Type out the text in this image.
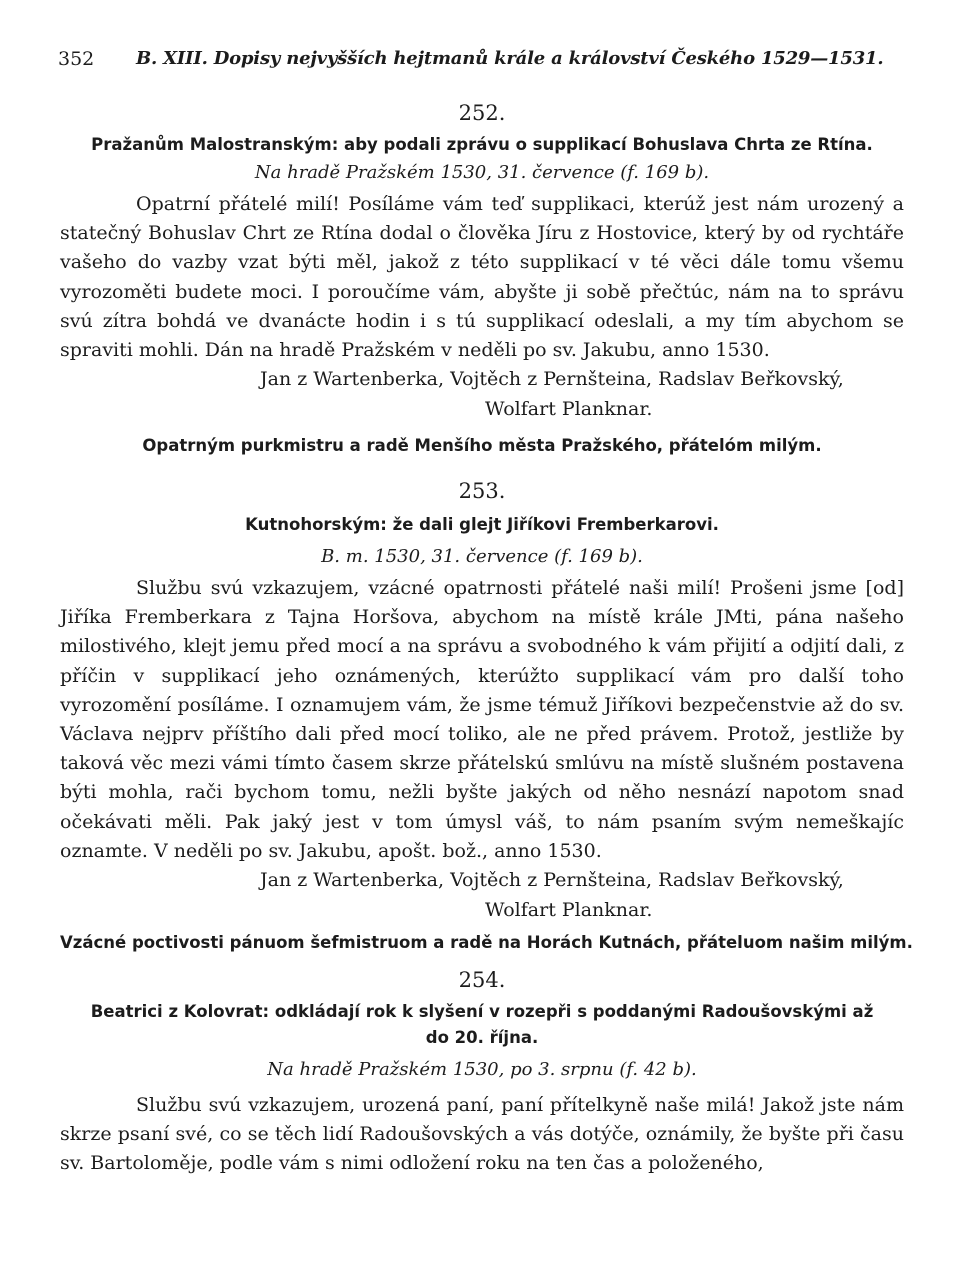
352 B. XIII. Dopisy nejvyšších hejtmanů krále a království Českého 1529—1531.

252.

Pražanům Malostranským: aby podali zprávu o supplikací Bohuslava Chrta ze Rtína.

Na hradě Pražském 1530, 31. července (f. 169 b).

Opatrní přátelé milí! Posíláme vám teď supplikaci, kterúž jest nám urozený a statečný Bohuslav Chrt ze Rtína dodal o člověka Jíru z Hostovice, který by od rychtáře vašeho do vazby vzat býti měl, jakož z této supplikací v té věci dále tomu všemu vyrozoměti budete moci. I poroučíme vám, abyšte ji sobě přečtúc, nám na to správu svú zítra bohdá ve dvanácte hodin i s tú supplikací odeslali, a my tím abychom se spraviti mohli. Dán na hradě Pražském v neděli po sv. Jakubu, anno 1530.

Jan z Wartenberka, Vojtěch z Pernšteina, Radslav Beřkovský,

Wolfart Planknar.

Opatrným purkmistru a radě Menšího města Pražského, přátelóm milým.

253.

Kutnohorským: že dali glejt Jiříkovi Fremberkarovi.

B. m. 1530, 31. července (f. 169 b).

Službu svú vzkazujem, vzácné opatrnosti přátelé naši milí! Prošeni jsme [od] Jiříka Fremberkara z Tajna Horšova, abychom na místě krále JMti, pána našeho milostivého, klejt jemu před mocí a na správu a svobodného k vám přijití a odjití dali, z příčin v supplikací jeho oznámených, kterúžto supplikací vám pro další toho vyrozomění posíláme. I oznamujem vám, že jsme témuž Jiříkovi bezpečenstvie až do sv. Václava nejprv příštího dali před mocí toliko, ale ne před právem. Protož, jestliže by taková věc mezi vámi tímto časem skrze přátelskú smlúvu na místě slušném postavena býti mohla, rači bychom tomu, nežli byšte jakých od něho nesnází napotom snad očekávati měli. Pak jaký jest v tom úmysl váš, to nám psaním svým nemeškajíc oznamte. V neděli po sv. Jakubu, apošt. bož., anno 1530.

Jan z Wartenberka, Vojtěch z Pernšteina, Radslav Beřkovský,

Wolfart Planknar.

Vzácné poctivosti pánuom šefmistruom a radě na Horách Kutnách, přáteluom našim milým.

254.

Beatrici z Kolovrat: odkládají rok k slyšení v rozepři s poddanými Radoušovskými až do 20. října.

Na hradě Pražském 1530, po 3. srpnu (f. 42 b).

Službu svú vzkazujem, urozená paní, paní přítelkyně naše milá! Jakož jste nám skrze psaní své, co se těch lidí Radoušovských a vás dotýče, oznámily, že byšte při času sv. Bartoloměje, podle vám s nimi odložení roku na ten čas a položeného,
